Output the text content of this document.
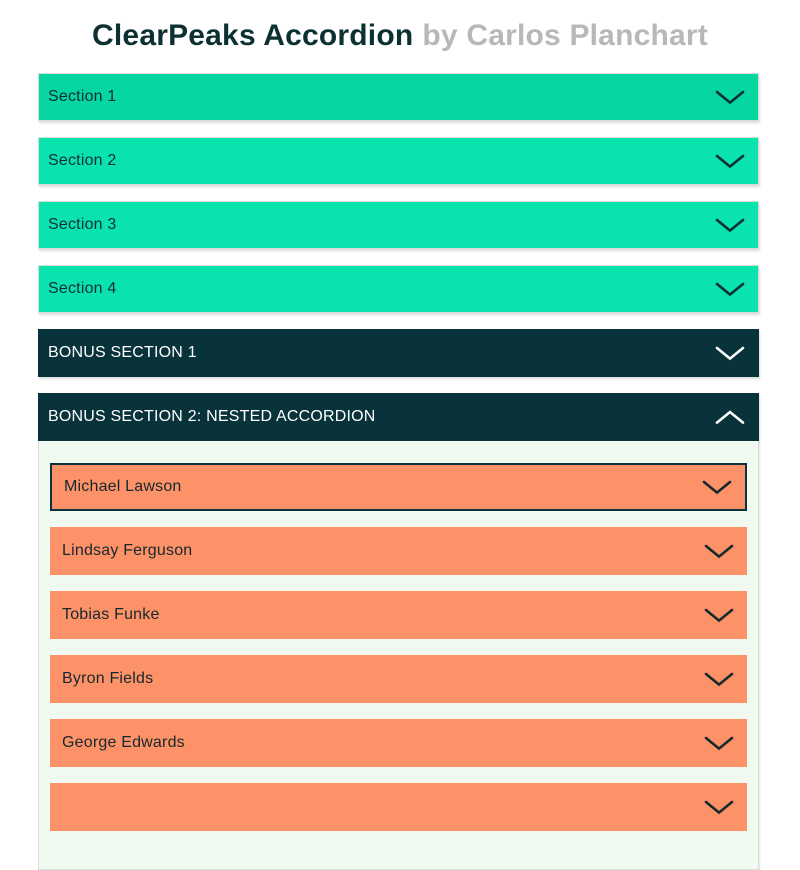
ClearPeaks Accordion by Carlos Planchart
Section 1
Section 2
Section 3
Section 4
BONUS SECTION 1
BONUS SECTION 2: NESTED ACCORDION
Michael Lawson
Lindsay Ferguson
Tobias Funke
Byron Fields
George Edwards
